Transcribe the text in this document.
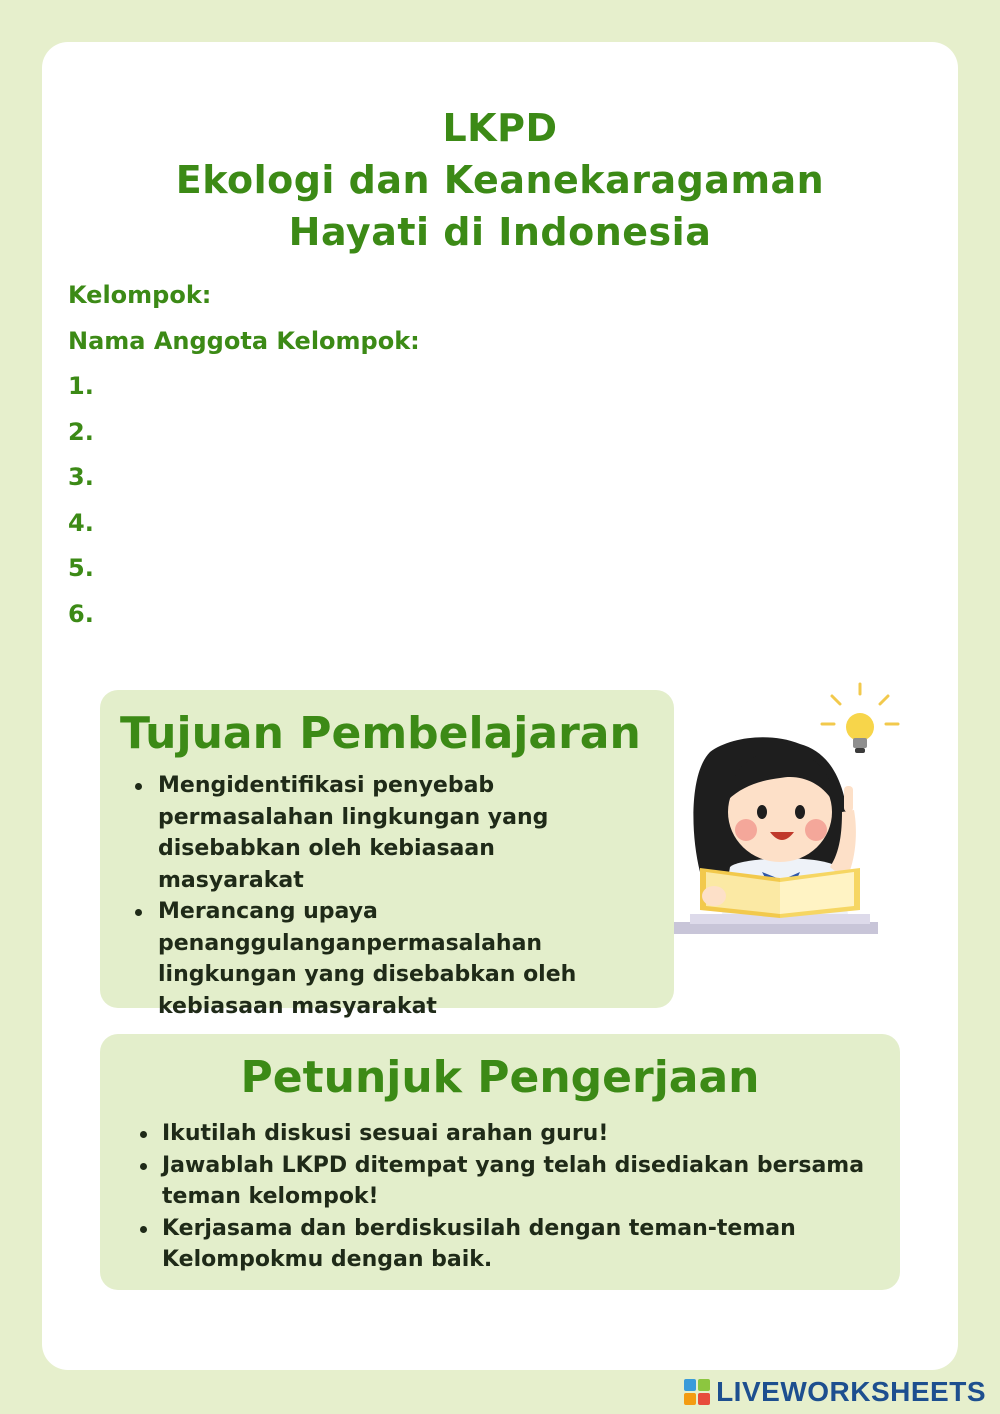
LKPD
Ekologi dan Keanekaragaman
Hayati di Indonesia
Kelompok:
Nama Anggota Kelompok:
1.
2.
3.
4.
5.
6.
Tujuan Pembelajaran
Mengidentifikasi penyebab permasalahan lingkungan yang disebabkan oleh kebiasaan masyarakat
Merancang upaya penanggulanganpermasalahan lingkungan yang disebabkan oleh kebiasaan masyarakat
Petunjuk Pengerjaan
Ikutilah diskusi sesuai arahan guru!
Jawablah LKPD ditempat yang telah disediakan bersama teman kelompok!
Kerjasama dan berdiskusilah dengan teman-teman Kelompokmu dengan baik.
LIVEWORKSHEETS
